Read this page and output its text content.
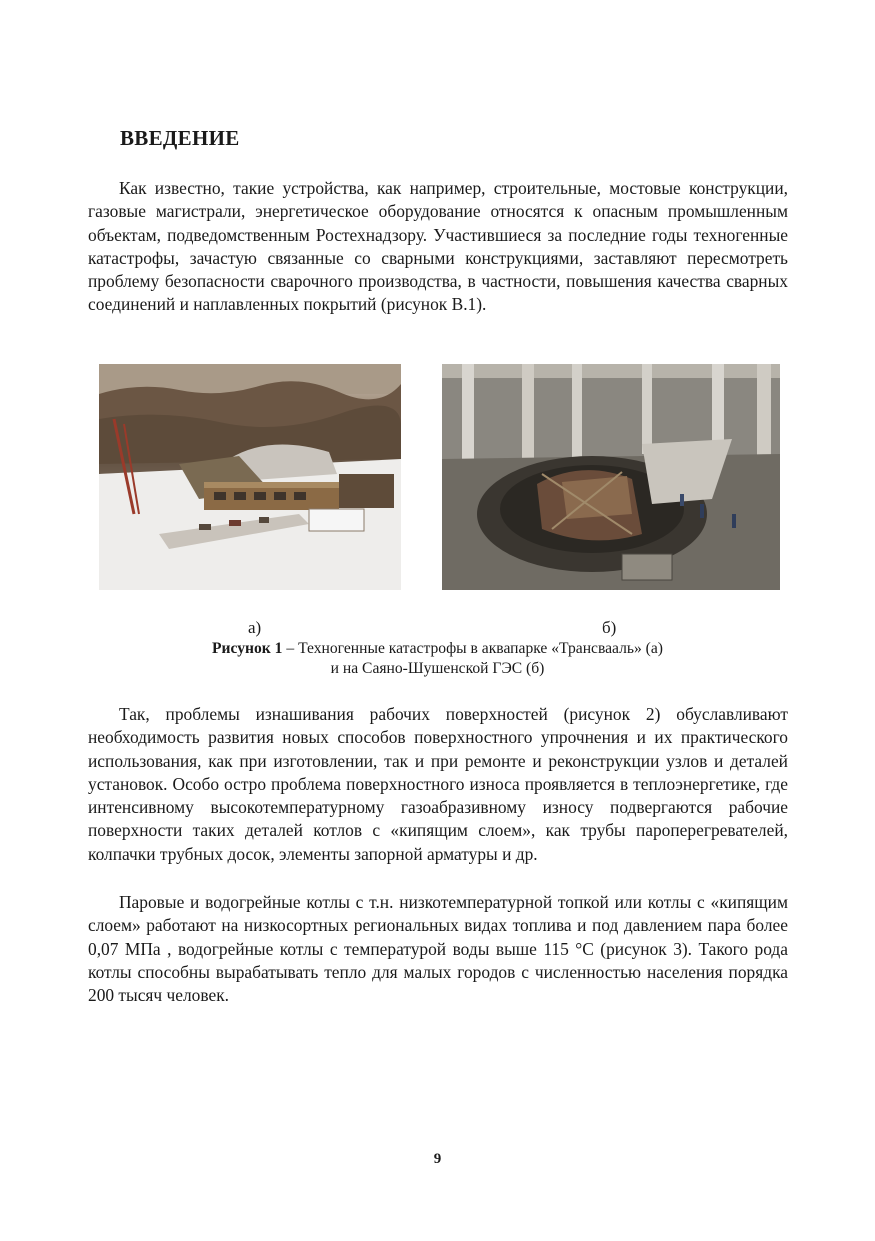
ВВЕДЕНИЕ

Как известно, такие устройства, как например, строительные, мостовые конструкции, газовые магистрали, энергетическое оборудование относятся к опасным промышленным объектам, подведомственным Ростехнадзору. Участившиеся за последние годы техногенные катастрофы, зачастую связанные со сварными конструкциями, заставляют пересмотреть проблему безопасности сварочного производства, в частности, повышения качества сварных соединений и наплавленных покрытий (рисунок В.1).

а)	б)

Рисунок 1 – Техногенные катастрофы в аквапарке «Трансвааль» (а)

и на Саяно-Шушенской ГЭС (б)

Так, проблемы изнашивания рабочих поверхностей (рисунок 2) обуславливают необходимость развития новых способов поверхностного упрочнения и их практического использования, как при изготовлении, так и при ремонте и реконструкции узлов и деталей установок. Особо остро проблема поверхностного износа проявляется в теплоэнергетике, где интенсивному высокотемпературному газоабразивному износу подвергаются рабочие поверхности таких деталей котлов с «кипящим слоем», как трубы пароперегревателей, колпачки трубных досок, элементы запорной арматуры и др.

Паровые и водогрейные котлы с т.н. низкотемпературной топкой или котлы с «кипящим слоем» работают на низкосортных региональных видах топлива и под давлением пара более 0,07 МПа , водогрейные котлы с температурой воды выше 115 °С (рисунок 3). Такого рода котлы способны вырабатывать тепло для малых городов с численностью населения порядка 200 тысяч человек.

9
